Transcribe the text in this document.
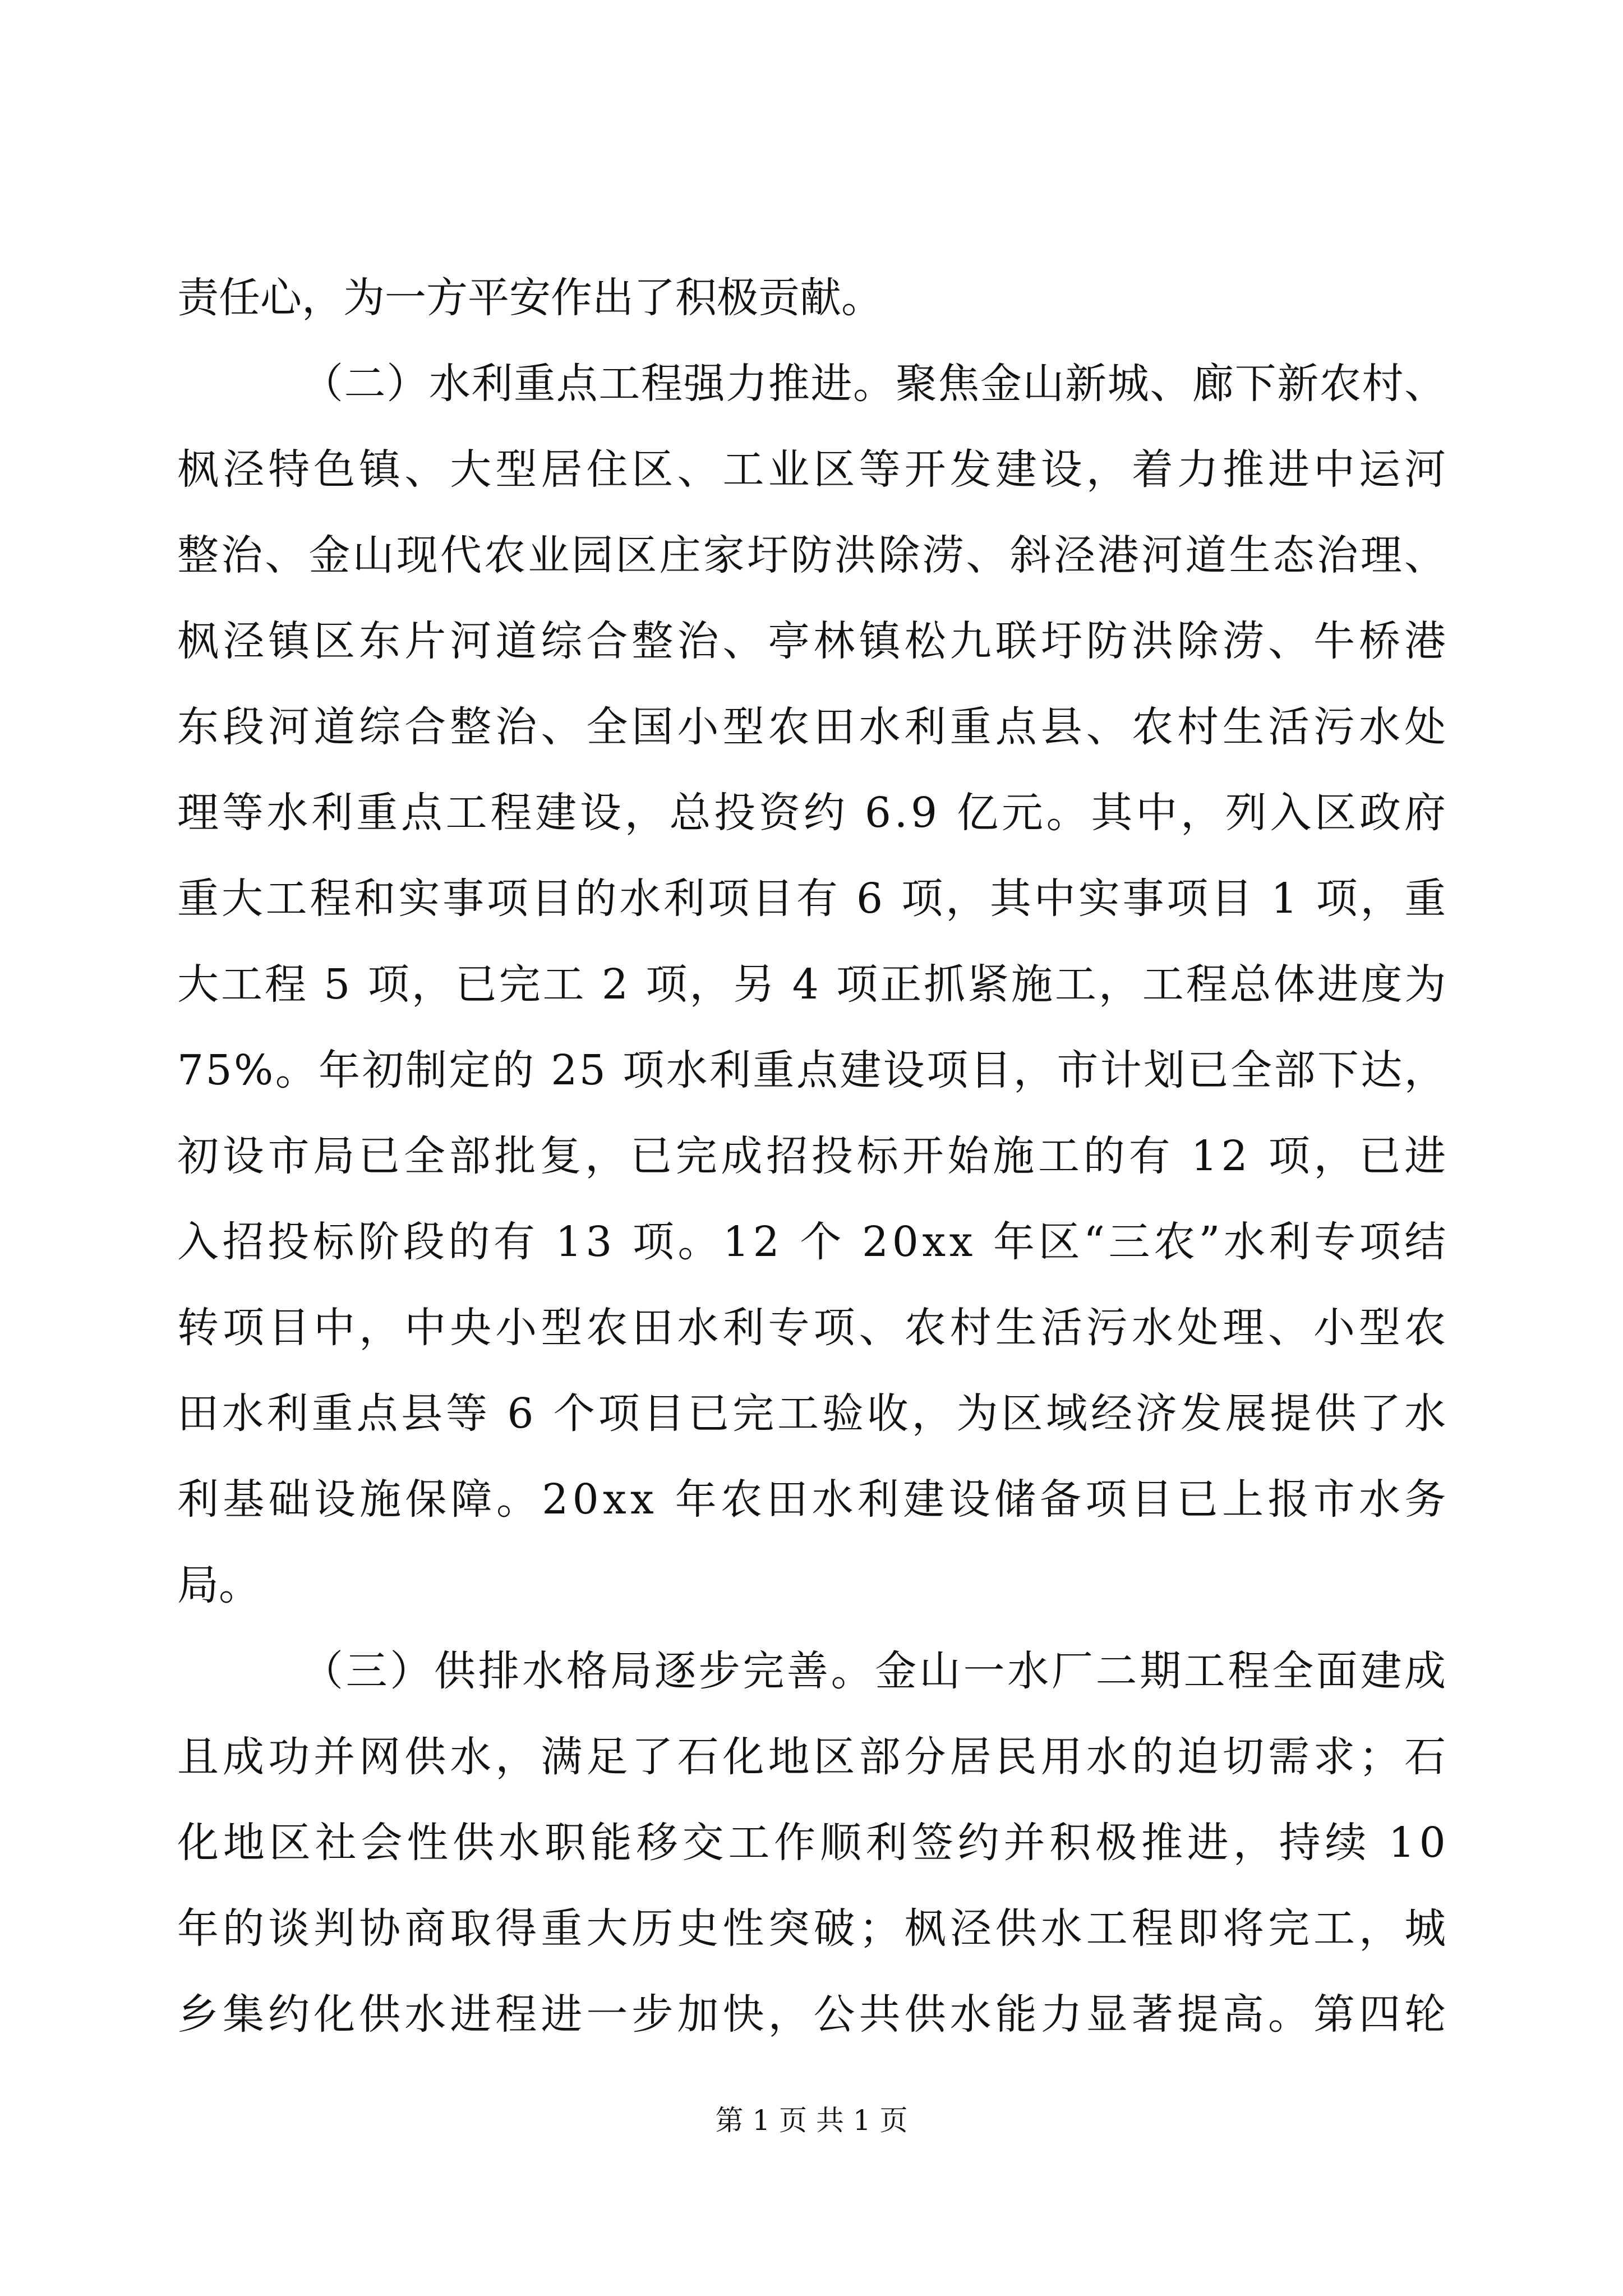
责任心，为一方平安作出了积极贡献。
（二）水利重点工程强力推进。聚焦金山新城、廊下新农村、
枫泾特色镇、大型居住区、工业区等开发建设，着力推进中运河
整治、金山现代农业园区庄家圩防洪除涝、斜泾港河道生态治理、
枫泾镇区东片河道综合整治、亭林镇松九联圩防洪除涝、牛桥港
东段河道综合整治、全国小型农田水利重点县、农村生活污水处
理等水利重点工程建设，总投资约 6.9 亿元。其中，列入区政府
重大工程和实事项目的水利项目有 6 项，其中实事项目 1 项，重
大工程 5 项，已完工 2 项，另 4 项正抓紧施工，工程总体进度为
75%。年初制定的 25 项水利重点建设项目，市计划已全部下达，
初设市局已全部批复，已完成招投标开始施工的有 12 项，已进
入招投标阶段的有 13 项。12 个 20xx 年区“三农”水利专项结
转项目中，中央小型农田水利专项、农村生活污水处理、小型农
田水利重点县等 6 个项目已完工验收，为区域经济发展提供了水
利基础设施保障。20xx 年农田水利建设储备项目已上报市水务
局。
（三）供排水格局逐步完善。金山一水厂二期工程全面建成
且成功并网供水，满足了石化地区部分居民用水的迫切需求；石
化地区社会性供水职能移交工作顺利签约并积极推进，持续 10
年的谈判协商取得重大历史性突破；枫泾供水工程即将完工，城
乡集约化供水进程进一步加快，公共供水能力显著提高。第四轮
第 1 页 共 1 页
